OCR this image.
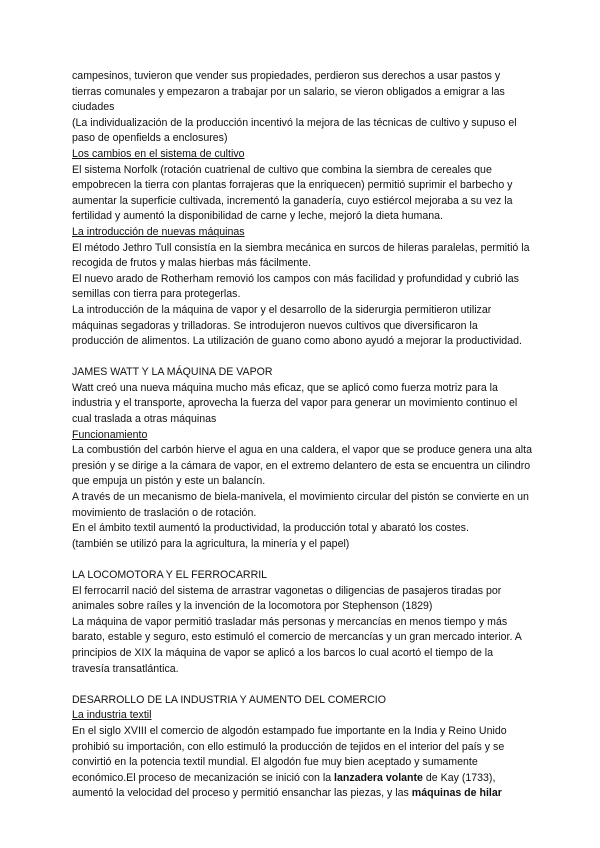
campesinos, tuvieron que vender sus propiedades, perdieron sus derechos a usar pastos y tierras comunales y empezaron a trabajar por un salario, se vieron obligados a emigrar a las ciudades

(La individualización de la producción incentivó la mejora de las técnicas de cultivo y supuso el paso de openfields a enclosures)

Los cambios en el sistema de cultivo

El sistema Norfolk (rotación cuatrienal de cultivo que combina la siembra de cereales que empobrecen la tierra con plantas forrajeras que la enriquecen) permitió suprimir el barbecho y aumentar la superficie cultivada, incrementó la ganadería, cuyo estiércol mejoraba a su vez la fertilidad y aumentó la disponibilidad de carne y leche, mejoró la dieta humana.

La introducción de nuevas máquinas

El método Jethro Tull consistía en la siembra mecánica en surcos de hileras paralelas, permitió la recogida de frutos y malas hierbas más fácilmente.

El nuevo arado de Rotherham removió los campos con más facilidad y profundidad y cubrió las semillas con tierra para protegerlas.

La introducción de la máquina de vapor y el desarrollo de la siderurgia permitieron utilizar máquinas segadoras y trilladoras. Se introdujeron nuevos cultivos que diversificaron la producción de alimentos. La utilización de guano como abono ayudó a mejorar la productividad.

JAMES WATT Y LA MÁQUINA DE VAPOR

Watt creó una nueva máquina mucho más eficaz, que se aplicó como fuerza motriz para la industria y el transporte, aprovecha la fuerza del vapor para generar un movimiento continuo el cual traslada a otras máquinas

Funcionamiento

La combustión del carbón hierve el agua en una caldera, el vapor que se produce genera una alta presión y se dirige a la cámara de vapor, en el extremo delantero de esta se encuentra un cilindro que empuja un pistón y este un balancín.

A través de un mecanismo de biela-manivela, el movimiento circular del pistón se convierte en un movimiento de traslación o de rotación.

En el ámbito textil aumentó la productividad, la producción total y abarató los costes.

(también se utilizó para la agricultura, la minería y el papel)

LA LOCOMOTORA Y EL FERROCARRIL

El ferrocarril nació del sistema de arrastrar vagonetas o diligencias de pasajeros tiradas por animales sobre raíles y la invención de la locomotora por Stephenson (1829)

La máquina de vapor permitió trasladar más personas y mercancías en menos tiempo y más barato, estable y seguro, esto estimuló el comercio de mercancías y un gran mercado interior. A principios de XIX la máquina de vapor se aplicó a los barcos lo cual acortó el tiempo de la travesía transatlántica.

DESARROLLO DE LA INDUSTRIA Y AUMENTO DEL COMERCIO

La industria textil

En el siglo XVIII el comercio de algodón estampado fue importante en la India y Reino Unido prohibió su importación, con ello estimuló la producción de tejidos en el interior del país y se convirtió en la potencia textil mundial. El algodón fue muy bien aceptado y sumamente económico.El proceso de mecanización se inició con la lanzadera volante de Kay (1733), aumentó la velocidad del proceso y permitió ensanchar las piezas, y las máquinas de hilar
